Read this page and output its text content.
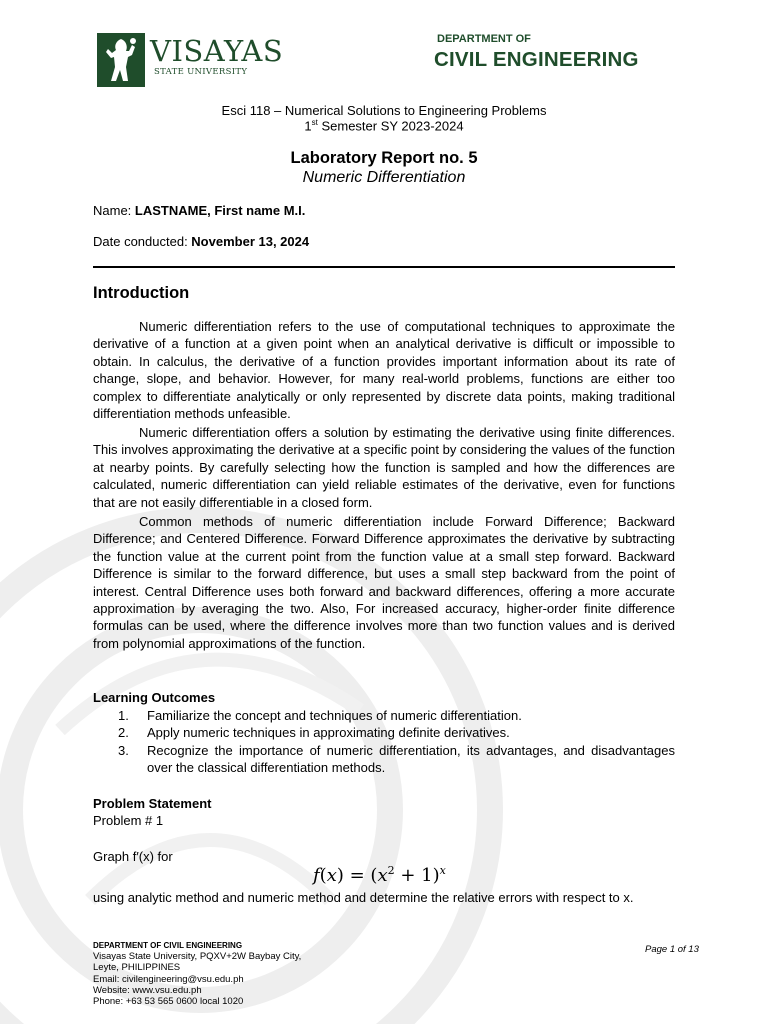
VISAYAS
STATE UNIVERSITY
DEPARTMENT OF
CIVIL ENGINEERING
Esci 118 – Numerical Solutions to Engineering Problems
1st Semester SY 2023-2024
Laboratory Report no. 5
Numeric Differentiation
Name: LASTNAME, First name M.I.
Date conducted: November 13, 2024
Introduction

Numeric differentiation refers to the use of computational techniques to approximate the derivative of a function at a given point when an analytical derivative is difficult or impossible to obtain. In calculus, the derivative of a function provides important information about its rate of change, slope, and behavior. However, for many real-world problems, functions are either too complex to differentiate analytically or only represented by discrete data points, making traditional differentiation methods unfeasible.

Numeric differentiation offers a solution by estimating the derivative using finite differences. This involves approximating the derivative at a specific point by considering the values of the function at nearby points. By carefully selecting how the function is sampled and how the differences are calculated, numeric differentiation can yield reliable estimates of the derivative, even for functions that are not easily differentiable in a closed form.

Common methods of numeric differentiation include Forward Difference; Backward Difference; and Centered Difference. Forward Difference approximates the derivative by subtracting the function value at the current point from the function value at a small step forward. Backward Difference is similar to the forward difference, but uses a small step backward from the point of interest. Central Difference uses both forward and backward differences, offering a more accurate approximation by averaging the two. Also, For increased accuracy, higher-order finite difference formulas can be used, where the difference involves more than two function values and is derived from polynomial approximations of the function.

Learning Outcomes
1. Familiarize the concept and techniques of numeric differentiation.
2. Apply numeric techniques in approximating definite derivatives.
3. Recognize the importance of numeric differentiation, its advantages, and disadvantages over the classical differentiation methods.
Problem Statement
Problem # 1
Graph f′(x) for
$f(x) = (x^2 + 1)^x$
using analytic method and numeric method and determine the relative errors with respect to x.
DEPARTMENT OF CIVIL ENGINEERING
Visayas State University, PQXV+2W Baybay City,
Leyte, PHILIPPINES
Email: civilengineering@vsu.edu.ph
Website: www.vsu.edu.ph
Phone: +63 53 565 0600 local 1020
Page 1 of 13
